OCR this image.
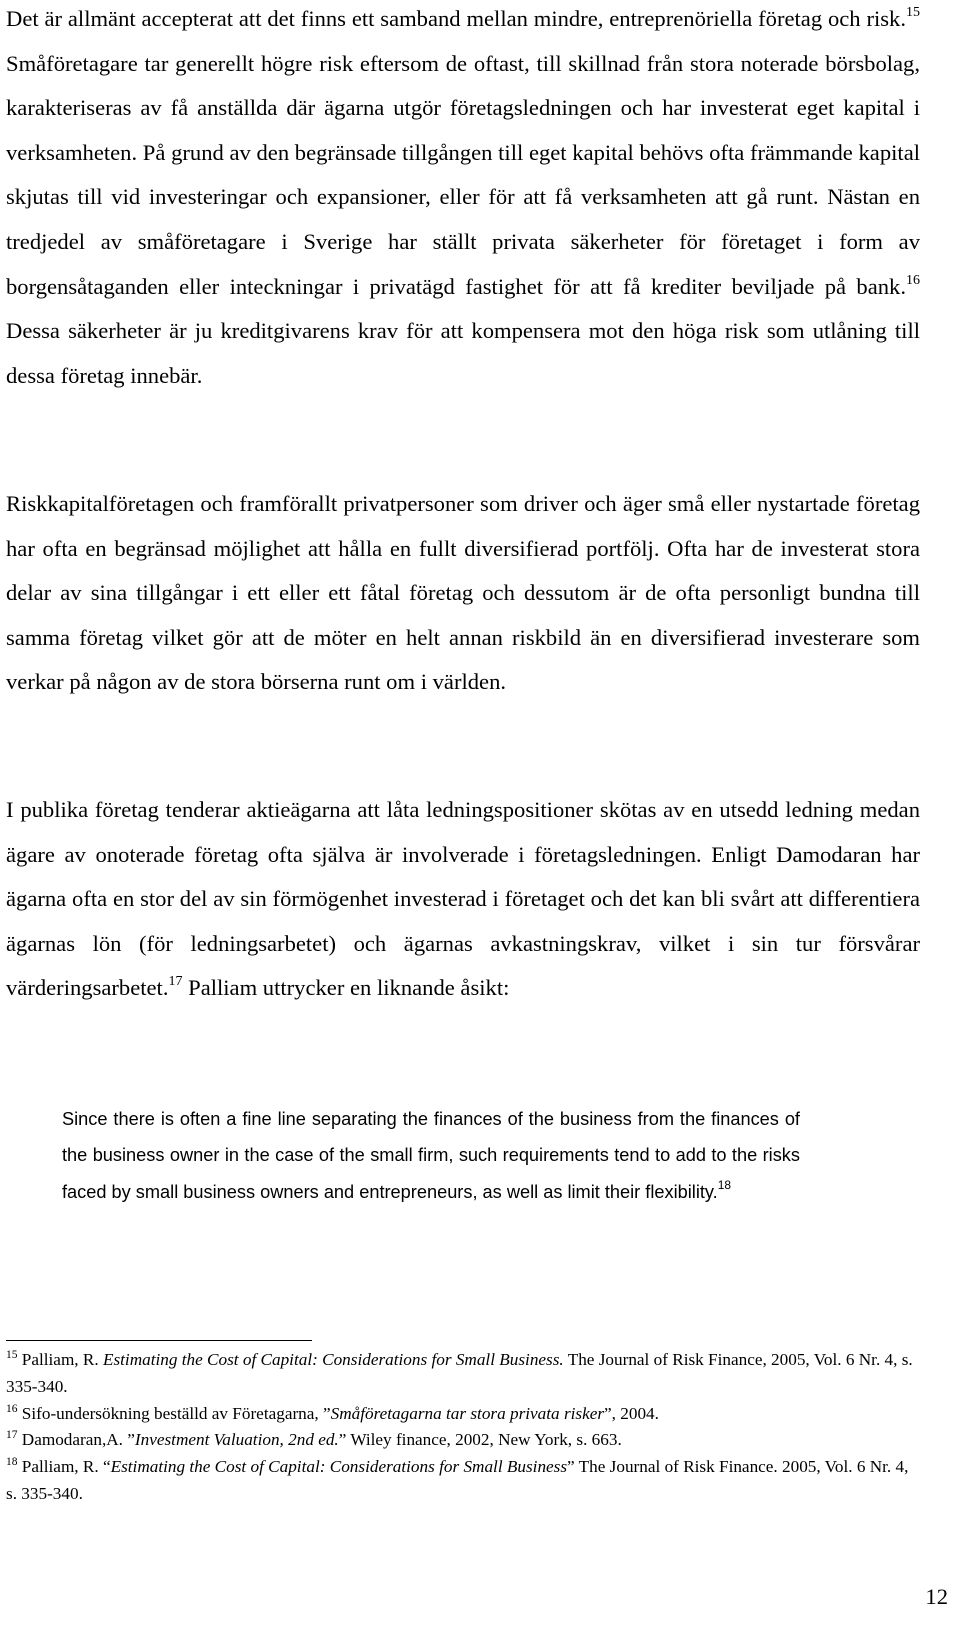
Det är allmänt accepterat att det finns ett samband mellan mindre, entreprenöriella företag och risk.$^{15}$ Småföretagare tar generellt högre risk eftersom de oftast, till skillnad från stora noterade börsbolag, karakteriseras av få anställda där ägarna utgör företagsledningen och har investerat eget kapital i verksamheten. På grund av den begränsade tillgången till eget kapital behövs ofta främmande kapital skjutas till vid investeringar och expansioner, eller för att få verksamheten att gå runt. Nästan en tredjedel av småföretagare i Sverige har ställt privata säkerheter för företaget i form av borgensåtaganden eller inteckningar i privatägd fastighet för att få krediter beviljade på bank.$^{16}$ Dessa säkerheter är ju kreditgivarens krav för att kompensera mot den höga risk som utlåning till dessa företag innebär.

Riskkapitalföretagen och framförallt privatpersoner som driver och äger små eller nystartade företag har ofta en begränsad möjlighet att hålla en fullt diversifierad portfölj. Ofta har de investerat stora delar av sina tillgångar i ett eller ett fåtal företag och dessutom är de ofta personligt bundna till samma företag vilket gör att de möter en helt annan riskbild än en diversifierad investerare som verkar på någon av de stora börserna runt om i världen.

I publika företag tenderar aktieägarna att låta ledningspositioner skötas av en utsedd ledning medan ägare av onoterade företag ofta själva är involverade i företagsledningen. Enligt Damodaran har ägarna ofta en stor del av sin förmögenhet investerad i företaget och det kan bli svårt att differentiera ägarnas lön (för ledningsarbetet) och ägarnas avkastningskrav, vilket i sin tur försvårar värderingsarbetet.$^{17}$ Palliam uttrycker en liknande åsikt:

Since there is often a fine line separating the finances of the business from the finances of the business owner in the case of the small firm, such requirements tend to add to the risks faced by small business owners and entrepreneurs, as well as limit their flexibility.$^{18}$

$^{15}$ Palliam, R. Estimating the Cost of Capital: Considerations for Small Business. The Journal of Risk Finance, 2005, Vol. 6 Nr. 4, s. 335-340.

$^{16}$ Sifo-undersökning beställd av Företagarna, ”Småföretagarna tar stora privata risker”, 2004.

$^{17}$ Damodaran,A. ”Investment Valuation, 2nd ed.” Wiley finance, 2002, New York, s. 663.

$^{18}$ Palliam, R. “Estimating the Cost of Capital: Considerations for Small Business” The Journal of Risk Finance. 2005, Vol. 6 Nr. 4, s. 335-340.

12
